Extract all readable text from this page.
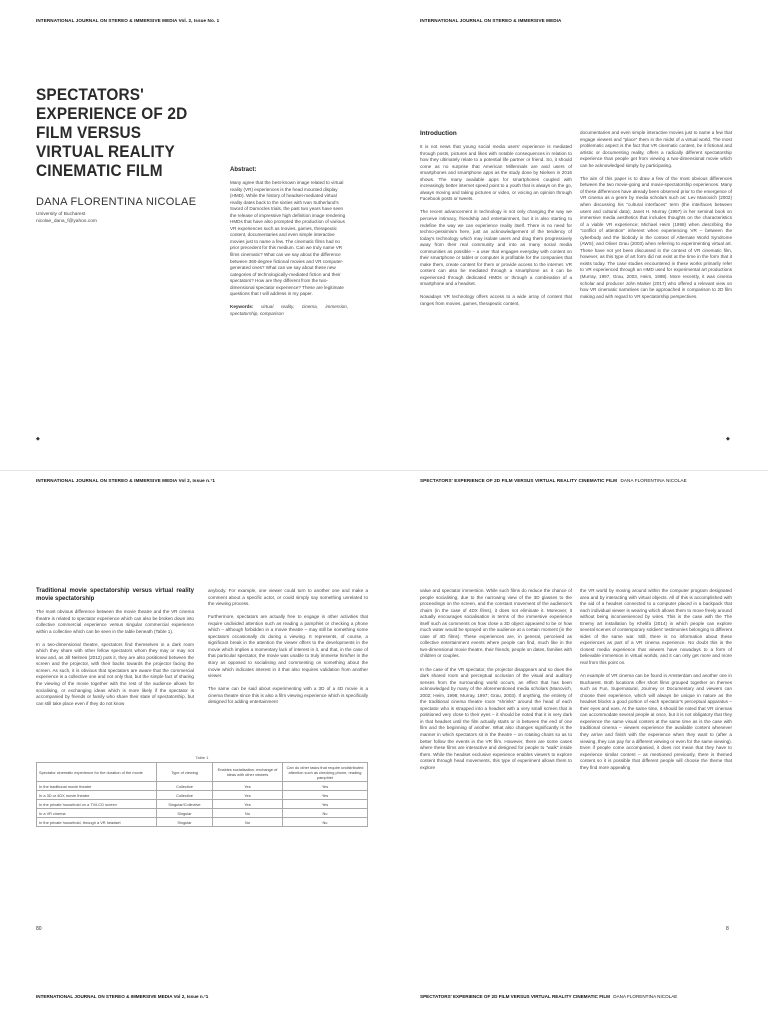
INTERNATIONAL JOURNAL ON STEREO & IMMERSIVE MEDIA Vol. 2, Issue No. 1	INTERNATIONAL JOURNAL ON STEREO & IMMERSIVE MEDIA
SPECTATORS' EXPERIENCE OF 2D FILM VERSUS VIRTUAL REALITY CINEMATIC FILM
DANA FLORENTINA NICOLAE
University of Bucharest
nicolae_dana_f@yahoo.com
Abstract:

Many agree that the best-known image related to virtual reality (VR) experiences is the head mounted display (HMD). While the history of headset-mediated virtual reality dates back to the sixties with Ivan Sutherland's Sword of Damocles trials, the past two years have seen the release of impressive high definition image rendering HMDs that have also prompted the production of various VR experiences such as movies, games, therapeutic content, documentaries and even simple interactive movies just to name a few. The cinematic films had no prior precedent for this medium. Can we truly name VR films cinematic? What can we say about the difference between 360-degree fictional movies and VR computer-generated ones? What can we say about these new categories of technologically-mediated fiction and their spectators? How are they different from the two-dimensional spectator experience? These are legitimate questions that I will address in my paper.

Keywords: virtual reality, cinema, immersion, spectatorship, comparison
Introduction

It is not news that young social media users' experience is mediated through posts, pictures and likes with notable consequences in relation to how they ultimately relate to a potential life partner or friend. So, it should come as no surprise that American Millennials are avid users of smartphones and smartphone apps as the study done by Nielsen in 2016 shows. The many available apps for smartphones coupled with increasingly better internet speed point to a youth that is always on the go, always moving and taking pictures or video, or voicing an opinion through Facebook posts or tweets.

The recent advancement in technology is not only changing the way we perceive intimacy, friendship and entertainment, but it is also starting to redefine the way we can experience reality itself. There is no need for techno-pessimism here, just an acknowledgement of the tendency of today's technology which may isolate users and drag them progressively away from their real community and into as many social media communities as possible – a user that engages everyday with content on their smartphone or tablet or computer is profitable for the companies that make them, create content for them or provide access to the internet. VR content can also be mediated through a smartphone as it can be experienced through dedicated HMDs or through a combination of a smartphone and a headset.

Nowadays VR technology offers access to a wide array of content that ranges from movies, games, therapeutic content,

documentaries and even simple interactive movies just to name a few that engage viewers and "place" them in the midst of a virtual world. The most problematic aspect is the fact that VR cinematic content, be it fictional and artistic or documenting reality, offers a radically different spectatorship experience than people get from viewing a two-dimensional movie which can be acknowledged simply by participating.

The aim of this paper is to draw a few of the most obvious differences between the two movie-going and movie-spectatorship experiences. Many of these differences have already been observed prior to the emergence of VR cinema as a genre by media scholars such as: Lev Manovich (2002) when discussing his "cultural interfaces" term (the interfaces between users and cultural data); Janet H. Murray (1997) in her seminal book on immersive media aesthetics that includes thoughts on the characteristics of a viable VR experience; Michael Heim (1998) when describing the "conflict of attention" inherent when experiencing VR – between the cyberbody and the biobody in the context of Alternate World Syndrome (AWS); and Oliver Grau (2003) when referring to experimenting virtual art. These have not yet been discussed in the context of VR cinematic film, however, as this type of art form did not exist at the time in the form that it exists today. The case studies encountered in these works primarily refer to VR experienced through an HMD used for experimental art productions (Murray, 1997, Grau, 2003, Heim, 1998). More recently, it was cinema scholar and producer John Malser (2017) who offered a relevant view on how VR cinematic narratives can be approached in comparison to 2D film making and with regard to VR spectatorship perspectives.

◆	◆
INTERNATIONAL JOURNAL ON STEREO & IMMERSIVE MEDIA Vol 2, Issue n.°1	SPECTATORS' EXPERIENCE OF 2D FILM VERSUS VIRTUAL REALITY CINEMATIC FILM DANA FLORENTINA NICOLAE
Traditional movie spectatorship versus virtual reality movie spectatorship

The most obvious difference between the movie theatre and the VR cinema theatre is related to spectator experience which can also be broken down into collective commercial experience versus singular commercial experience within a collective which can be seen in the table beneath (Table 1).

In a two-dimensional theatre, spectators find themselves in a dark room which they share with other fellow spectators whom they may or may not know and, as Jill Nelmes (2012) puts it, they are also positioned between the screen and the projector, with their backs towards the projector facing the screen. As such, it is obvious that spectators are aware that the commercial experience is a collective one and not only that, but the simple fact of sharing the viewing of the movie together with the rest of the audience allows for socialising, or exchanging ideas which is more likely if the spectator is accompanied by friends or family who share their state of spectatorship, but can still take place even if they do not know

anybody. For example, one viewer could turn to another one and make a comment about a specific actor, or could simply say something unrelated to the viewing process.

Furthermore, spectators are actually free to engage in other activities that require undivided attention such as reading a pamphlet or checking a phone which – although forbidden in a movie theatre – may still be something some spectators occasionally do during a viewing. It represents, of course, a significant break in the attention the viewer offers to the developments in the movie which implies a momentary lack of interest in it, and that, in the case of that particular spectator, the movie was unable to truly immerse him/her in the story as opposed to socialising and commenting on something about the movie which indicates interest in it that also requires validation from another viewer.

The same can be said about experimenting with a 3D of a 4D movie in a cinema theatre since this is also a film viewing experience which is specifically designed for adding entertainment

Table 1
Spectator cinematic experience for the duration of the movie	Type of viewing	Enables socialisation, exchange of ideas with other viewers	Can do other tasks that require undistributed attention such as checking phone, reading pamphlet
In the traditional movie theatre	Collective	Yes	Yes
In a 3D or 4DX movie theatre	Collective	Yes	Yes
In the private household on a TV/LCD screen	Singular/Collective	Yes	Yes
In a VR cinema	Singular	No	No
In the private household, through a VR headset	Singular	No	No

value and spectator immersion. While such films do reduce the chance of people socialising, due to the narrowing view of the 3D glasses to the proceedings on the screen, and the constant movement of the audience's chairs (in the case of 4DX films), it does not eliminate it. Moreover, it actually encourages socialisation in terms of the immersive experience itself such as comments on how close a 3D object appeared to be or how much water would be sprayed on the audience at a certain moment (in the case of 4D films). These experiences are, in general, perceived as collective entertainment events where people can find, much like in the two-dimensional movie theatre, their friends, people on dates, families with children or couples.

In the case of the VR spectator, the projector disappears and so does the dark shared room and perceptual occlusion of the visual and auditory senses from the surrounding world occurs, an effect that has been acknowledged by many of the aforementioned media scholars (Manovich, 2002; Heim, 1998; Murray, 1997; Grau, 2003). If anything, the entirety of the traditional cinema theatre room "shrinks" around the head of each spectator who is strapped into a headset with a very small screen that is positioned very close to their eyes – it should be noted that it is very dark in that headset until the film actually starts or in between the end of one film and the beginning of another. What also changes significantly is the manner in which spectators sit in the theatre – on rotating chairs so as to better follow the events in the VR film. However, there are some cases where these films are interactive and designed for people to "walk" inside them. While the headset exclusive experience enables viewers to explore content through head movements, this type of experiment allows them to explore

the VR world by moving around within the computer program designated area and by interacting with virtual objects. All of this is accomplished with the aid of a headset connected to a computer placed in a backpack that each individual viewer is wearing which allows them to move freely around without being inconvenienced by wires. This is the case with the The Enemy art installation by Khelifa (2014) in which people can explore several scenes of contemporary soldiers' testimonies belonging to different sides of the same war. Still, there is no information about these experiences as part of a VR cinema experience. No doubt this is the closest media experience that viewers have nowadays to a form of believable immersion in virtual worlds, and it can only get more and more real from this point on.

An example of VR cinema can be found in Amsterdam and another one in Bucharest. Both locations offer short films grouped together on themes such as Fun, Supernatural, Journey or Documentary and viewers can choose their experience, which will always be unique in nature as the headset blocks a good portion of each spectator's perceptual apparatus – their eyes and ears. At the same time, it should be noted that VR cinemas can accommodate several people at once, but it is not obligatory that they experience the same visual content at the same time as is the case with traditional cinema – viewers experience the available content whenever they arrive and finish with the experience when they want to (after a viewing, they can pay for a different viewing or even for the same viewing). Even if people come accompanied, it does not mean that they have to experience similar content – as mentioned previously, there is themed content so it is possible that different people will choose the theme that they find more appealing

80	8
INTERNATIONAL JOURNAL ON STEREO & IMMERSIVE MEDIA Vol 2, Issue n.°1	SPECTATORS' EXPERIENCE OF 2D FILM VERSUS VIRTUAL REALITY CINEMATIC FILM DANA FLORENTINA NICOLAE
